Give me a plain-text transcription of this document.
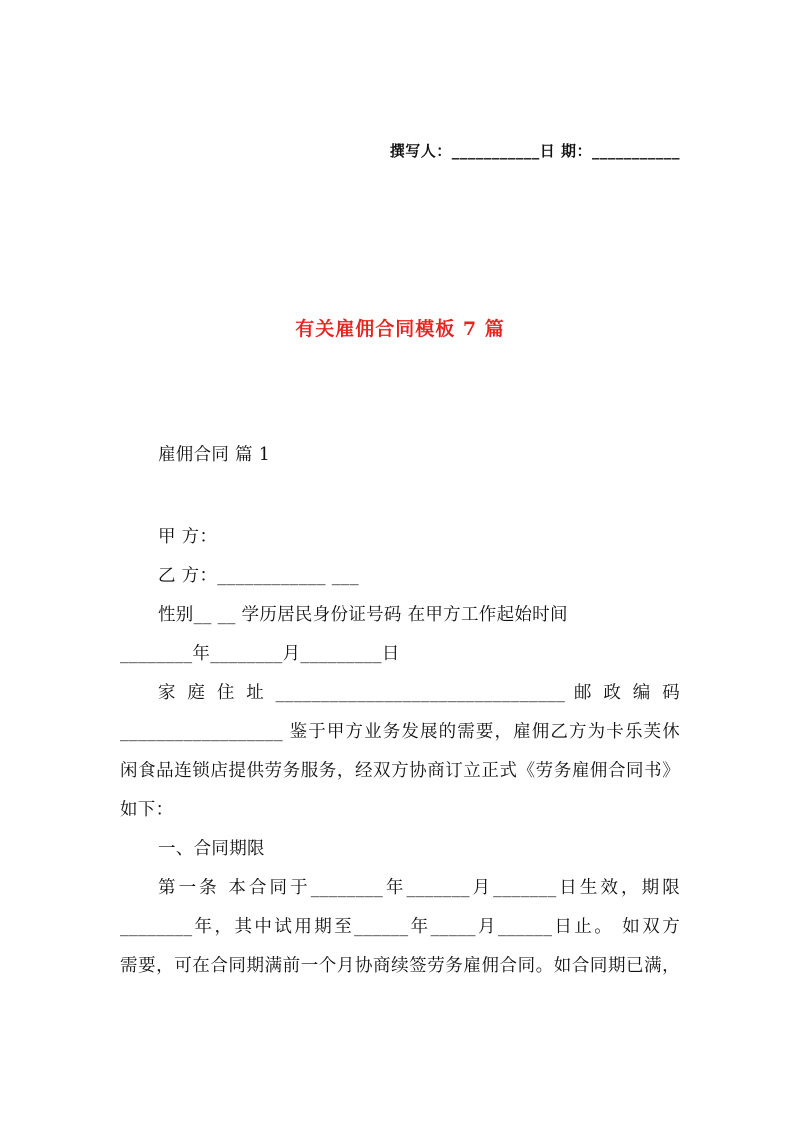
撰写人：___________日 期：___________
有关雇佣合同模板 7 篇
雇佣合同 篇 1
甲 方：
乙 方：____________ ___
性别__ __ 学历居民身份证号码 在甲方工作起始时间
________年________月_________日
家 庭 住 址 ________________________________ 邮 政 编 码
__________________ 鉴于甲方业务发展的需要，雇佣乙方为卡乐芙休
闲食品连锁店提供劳务服务，经双方协商订立正式《劳务雇佣合同书》
如下：
一、合同期限
第一条 本合同于________年_______月_______日生效，期限
________年，其中试用期至______年_____月______日止。 如双方
需要，可在合同期满前一个月协商续签劳务雇佣合同。如合同期已满，
